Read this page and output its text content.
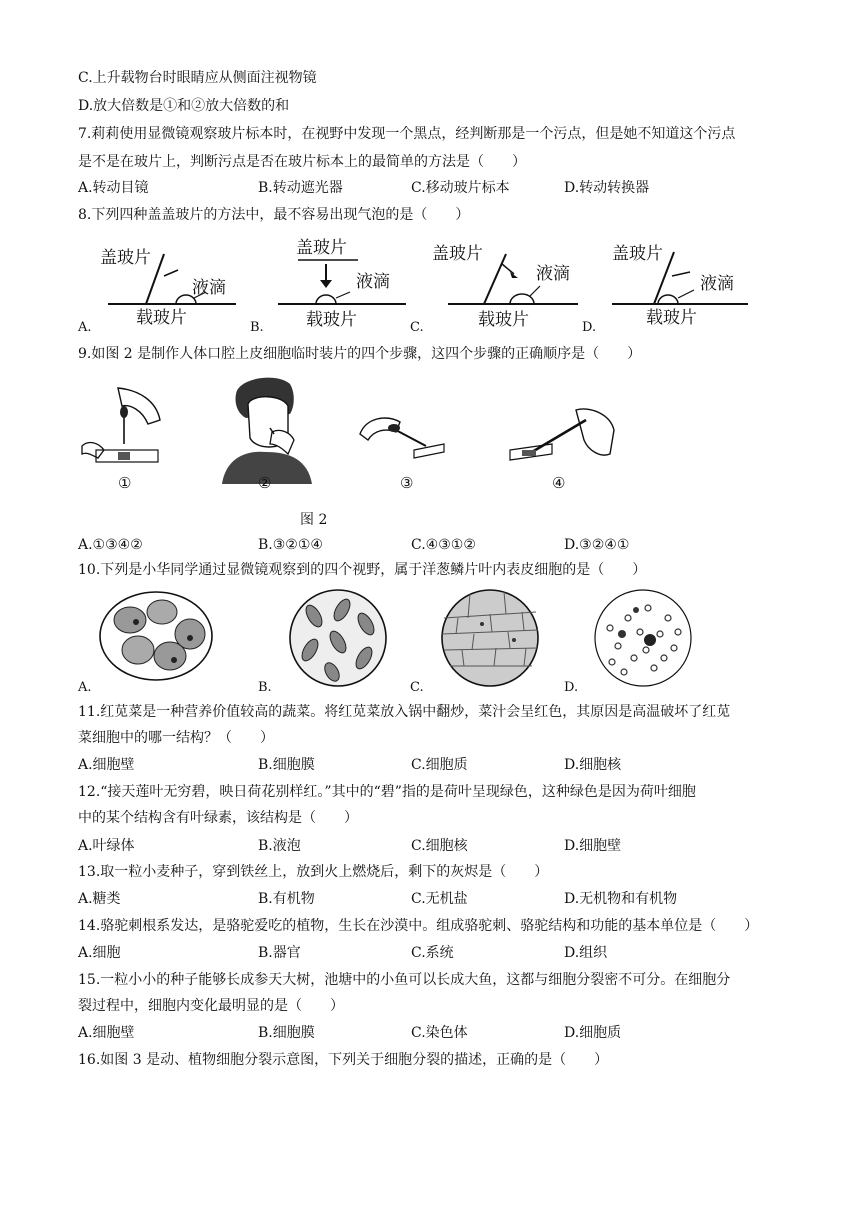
C.上升载物台时眼睛应从侧面注视物镜
D.放大倍数是①和②放大倍数的和
7.莉莉使用显微镜观察玻片标本时，在视野中发现一个黑点，经判断那是一个污点，但是她不知道这个污点
是不是在玻片上，判断污点是否在玻片标本上的最简单的方法是（　　）
A.转动目镜	B.转动遮光器	C.移动玻片标本	D.转动转换器
8.下列四种盖盖玻片的方法中，最不容易出现气泡的是（　　）
盖玻片
液滴
载玻片
A.
盖玻片
液滴
载玻片
B.
盖玻片
液滴
载玻片
C.
盖玻片
液滴
载玻片
D.
9.如图 2 是制作人体口腔上皮细胞临时装片的四个步骤，这四个步骤的正确顺序是（　　）
①	②	③	④
图 2
A.①③④②	B.③②①④	C.④③①②	D.③②④①
10.下列是小华同学通过显微镜观察到的四个视野，属于洋葱鳞片叶内表皮细胞的是（　　）
A.	B.	C.	D.
11.红苋菜是一种营养价值较高的蔬菜。将红苋菜放入锅中翻炒，菜汁会呈红色，其原因是高温破坏了红苋
菜细胞中的哪一结构？（　　）
A.细胞壁	B.细胞膜	C.细胞质	D.细胞核
12.“接天莲叶无穷碧，映日荷花别样红。”其中的“碧”指的是荷叶呈现绿色，这种绿色是因为荷叶细胞
中的某个结构含有叶绿素，该结构是（　　）
A.叶绿体	B.液泡	C.细胞核	D.细胞壁
13.取一粒小麦种子，穿到铁丝上，放到火上燃烧后，剩下的灰烬是（　　）
A.糖类	B.有机物	C.无机盐	D.无机物和有机物
14.骆驼刺根系发达，是骆驼爱吃的植物，生长在沙漠中。组成骆驼刺、骆驼结构和功能的基本单位是（　　）
A.细胞	B.器官	C.系统	D.组织
15.一粒小小的种子能够长成参天大树，池塘中的小鱼可以长成大鱼，这都与细胞分裂密不可分。在细胞分
裂过程中，细胞内变化最明显的是（　　）
A.细胞壁	B.细胞膜	C.染色体	D.细胞质
16.如图 3 是动、植物细胞分裂示意图，下列关于细胞分裂的描述，正确的是（　　）
